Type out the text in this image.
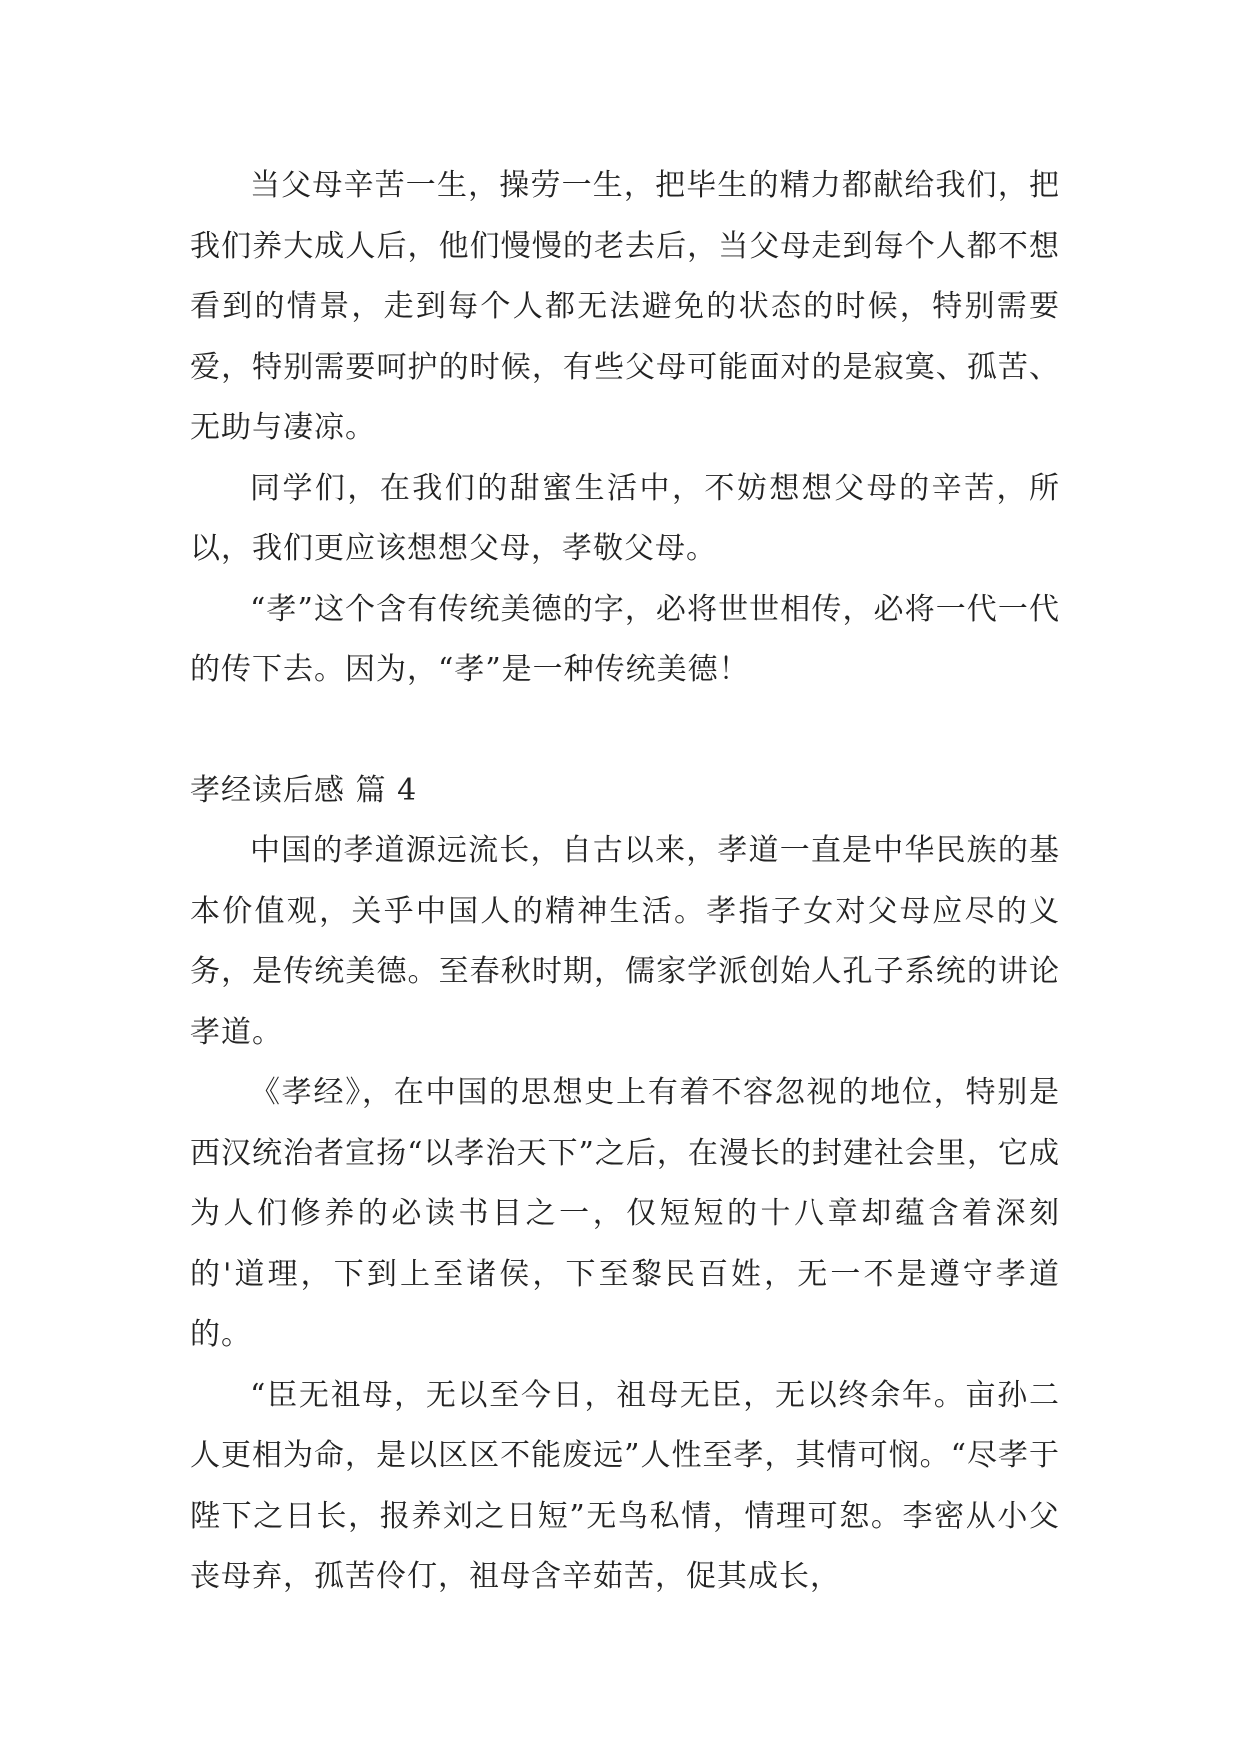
当父母辛苦一生，操劳一生，把毕生的精力都献给我们，把我们养大成人后，他们慢慢的老去后，当父母走到每个人都不想看到的情景，走到每个人都无法避免的状态的时候，特别需要爱，特别需要呵护的时候，有些父母可能面对的是寂寞、孤苦、无助与凄凉。

同学们，在我们的甜蜜生活中，不妨想想父母的辛苦，所以，我们更应该想想父母，孝敬父母。

“孝”这个含有传统美德的字，必将世世相传，必将一代一代的传下去。因为，“孝”是一种传统美德！

孝经读后感 篇 4

中国的孝道源远流长，自古以来，孝道一直是中华民族的基本价值观，关乎中国人的精神生活。孝指子女对父母应尽的义务，是传统美德。至春秋时期，儒家学派创始人孔子系统的讲论孝道。

《孝经》，在中国的思想史上有着不容忽视的地位，特别是西汉统治者宣扬“以孝治天下”之后，在漫长的封建社会里，它成为人们修养的必读书目之一，仅短短的十八章却蕴含着深刻的'道理，下到上至诸侯，下至黎民百姓，无一不是遵守孝道的。

“臣无祖母，无以至今日，祖母无臣，无以终余年。亩孙二人更相为命，是以区区不能废远”人性至孝，其情可悯。“尽孝于陛下之日长，报养刘之日短”无鸟私情，情理可恕。李密从小父丧母弃，孤苦伶仃，祖母含辛茹苦，促其成长，
